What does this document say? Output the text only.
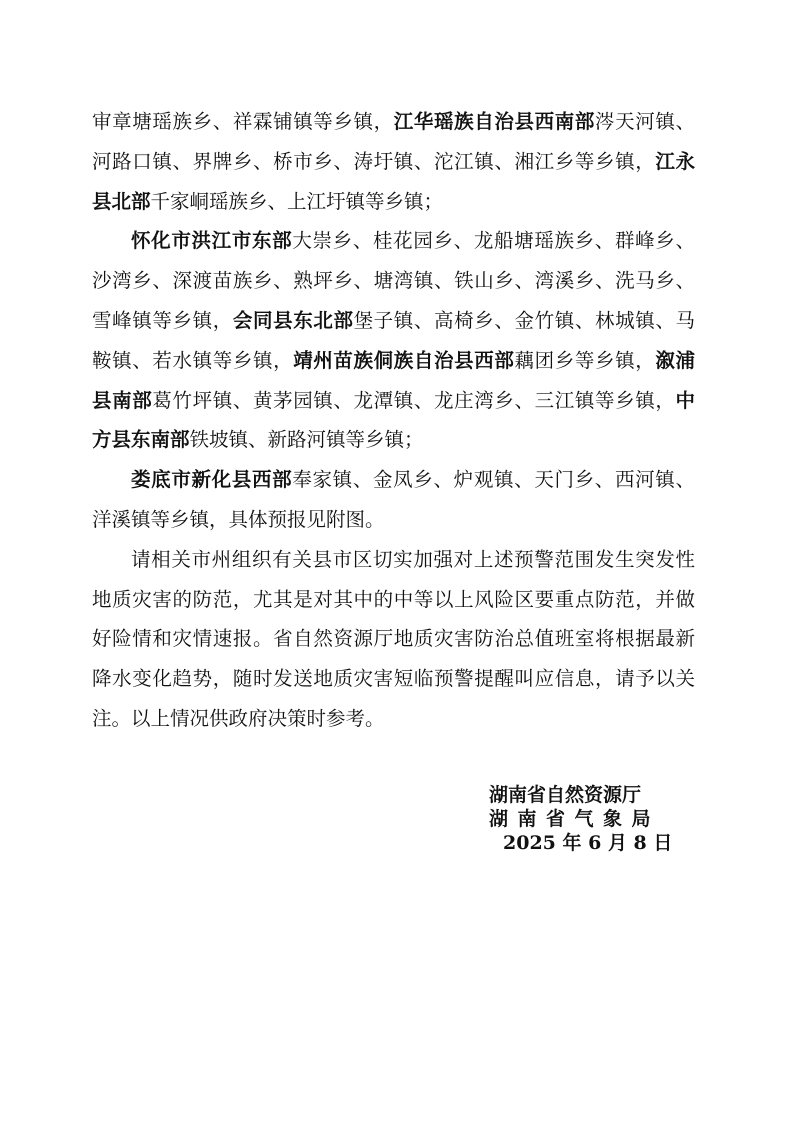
审章塘瑶族乡、祥霖铺镇等乡镇，江华瑶族自治县西南部涔天河镇、河路口镇、界牌乡、桥市乡、涛圩镇、沱江镇、湘江乡等乡镇，江永县北部千家峒瑶族乡、上江圩镇等乡镇；

怀化市洪江市东部大崇乡、桂花园乡、龙船塘瑶族乡、群峰乡、沙湾乡、深渡苗族乡、熟坪乡、塘湾镇、铁山乡、湾溪乡、洗马乡、雪峰镇等乡镇，会同县东北部堡子镇、高椅乡、金竹镇、林城镇、马鞍镇、若水镇等乡镇，靖州苗族侗族自治县西部藕团乡等乡镇，溆浦县南部葛竹坪镇、黄茅园镇、龙潭镇、龙庄湾乡、三江镇等乡镇，中方县东南部铁坡镇、新路河镇等乡镇；

娄底市新化县西部奉家镇、金凤乡、炉观镇、天门乡、西河镇、洋溪镇等乡镇，具体预报见附图。

请相关市州组织有关县市区切实加强对上述预警范围发生突发性地质灾害的防范，尤其是对其中的中等以上风险区要重点防范，并做好险情和灾情速报。省自然资源厅地质灾害防治总值班室将根据最新降水变化趋势，随时发送地质灾害短临预警提醒叫应信息，请予以关注。以上情况供政府决策时参考。

湖南省自然资源厅
湖南省气象局
2025 年 6 月 8 日
